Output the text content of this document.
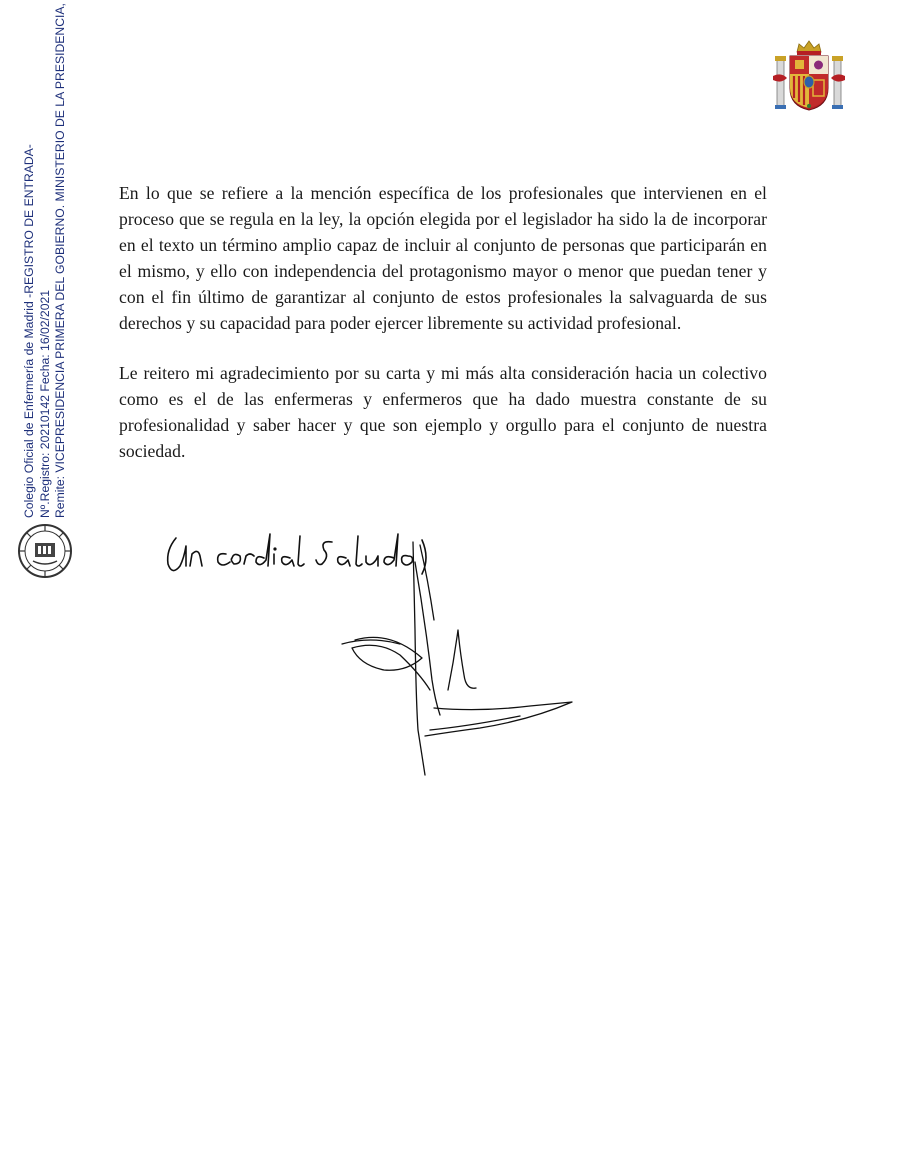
Colegio Oficial de Enfermería de Madrid -REGISTRO DE ENTRADA- Nº.Registro: 20210142 Fecha: 16/02/2021 Remite: VICEPRESIDENCIA PRIMERA DEL GOBIERNO. MINISTERIO DE LA PRESIDENCIA,	En lo que se refiere a la mención específica de los profesionales que intervienen en el proceso que se regula en la ley, la opción elegida por el legislador ha sido la de incorporar en el texto un término amplio capaz de incluir al conjunto de personas que participarán en el mismo, y ello con independencia del protagonismo mayor o menor que puedan tener y con el fin último de garantizar al conjunto de estos profesionales la salvaguarda de sus derechos y su capacidad para poder ejercer libremente su actividad profesional.

Le reitero mi agradecimiento por su carta y mi más alta consideración hacia un colectivo como es el de las enfermeras y enfermeros que ha dado muestra constante de su profesionalidad y saber hacer y que son ejemplo y orgullo para el conjunto de nuestra sociedad.
